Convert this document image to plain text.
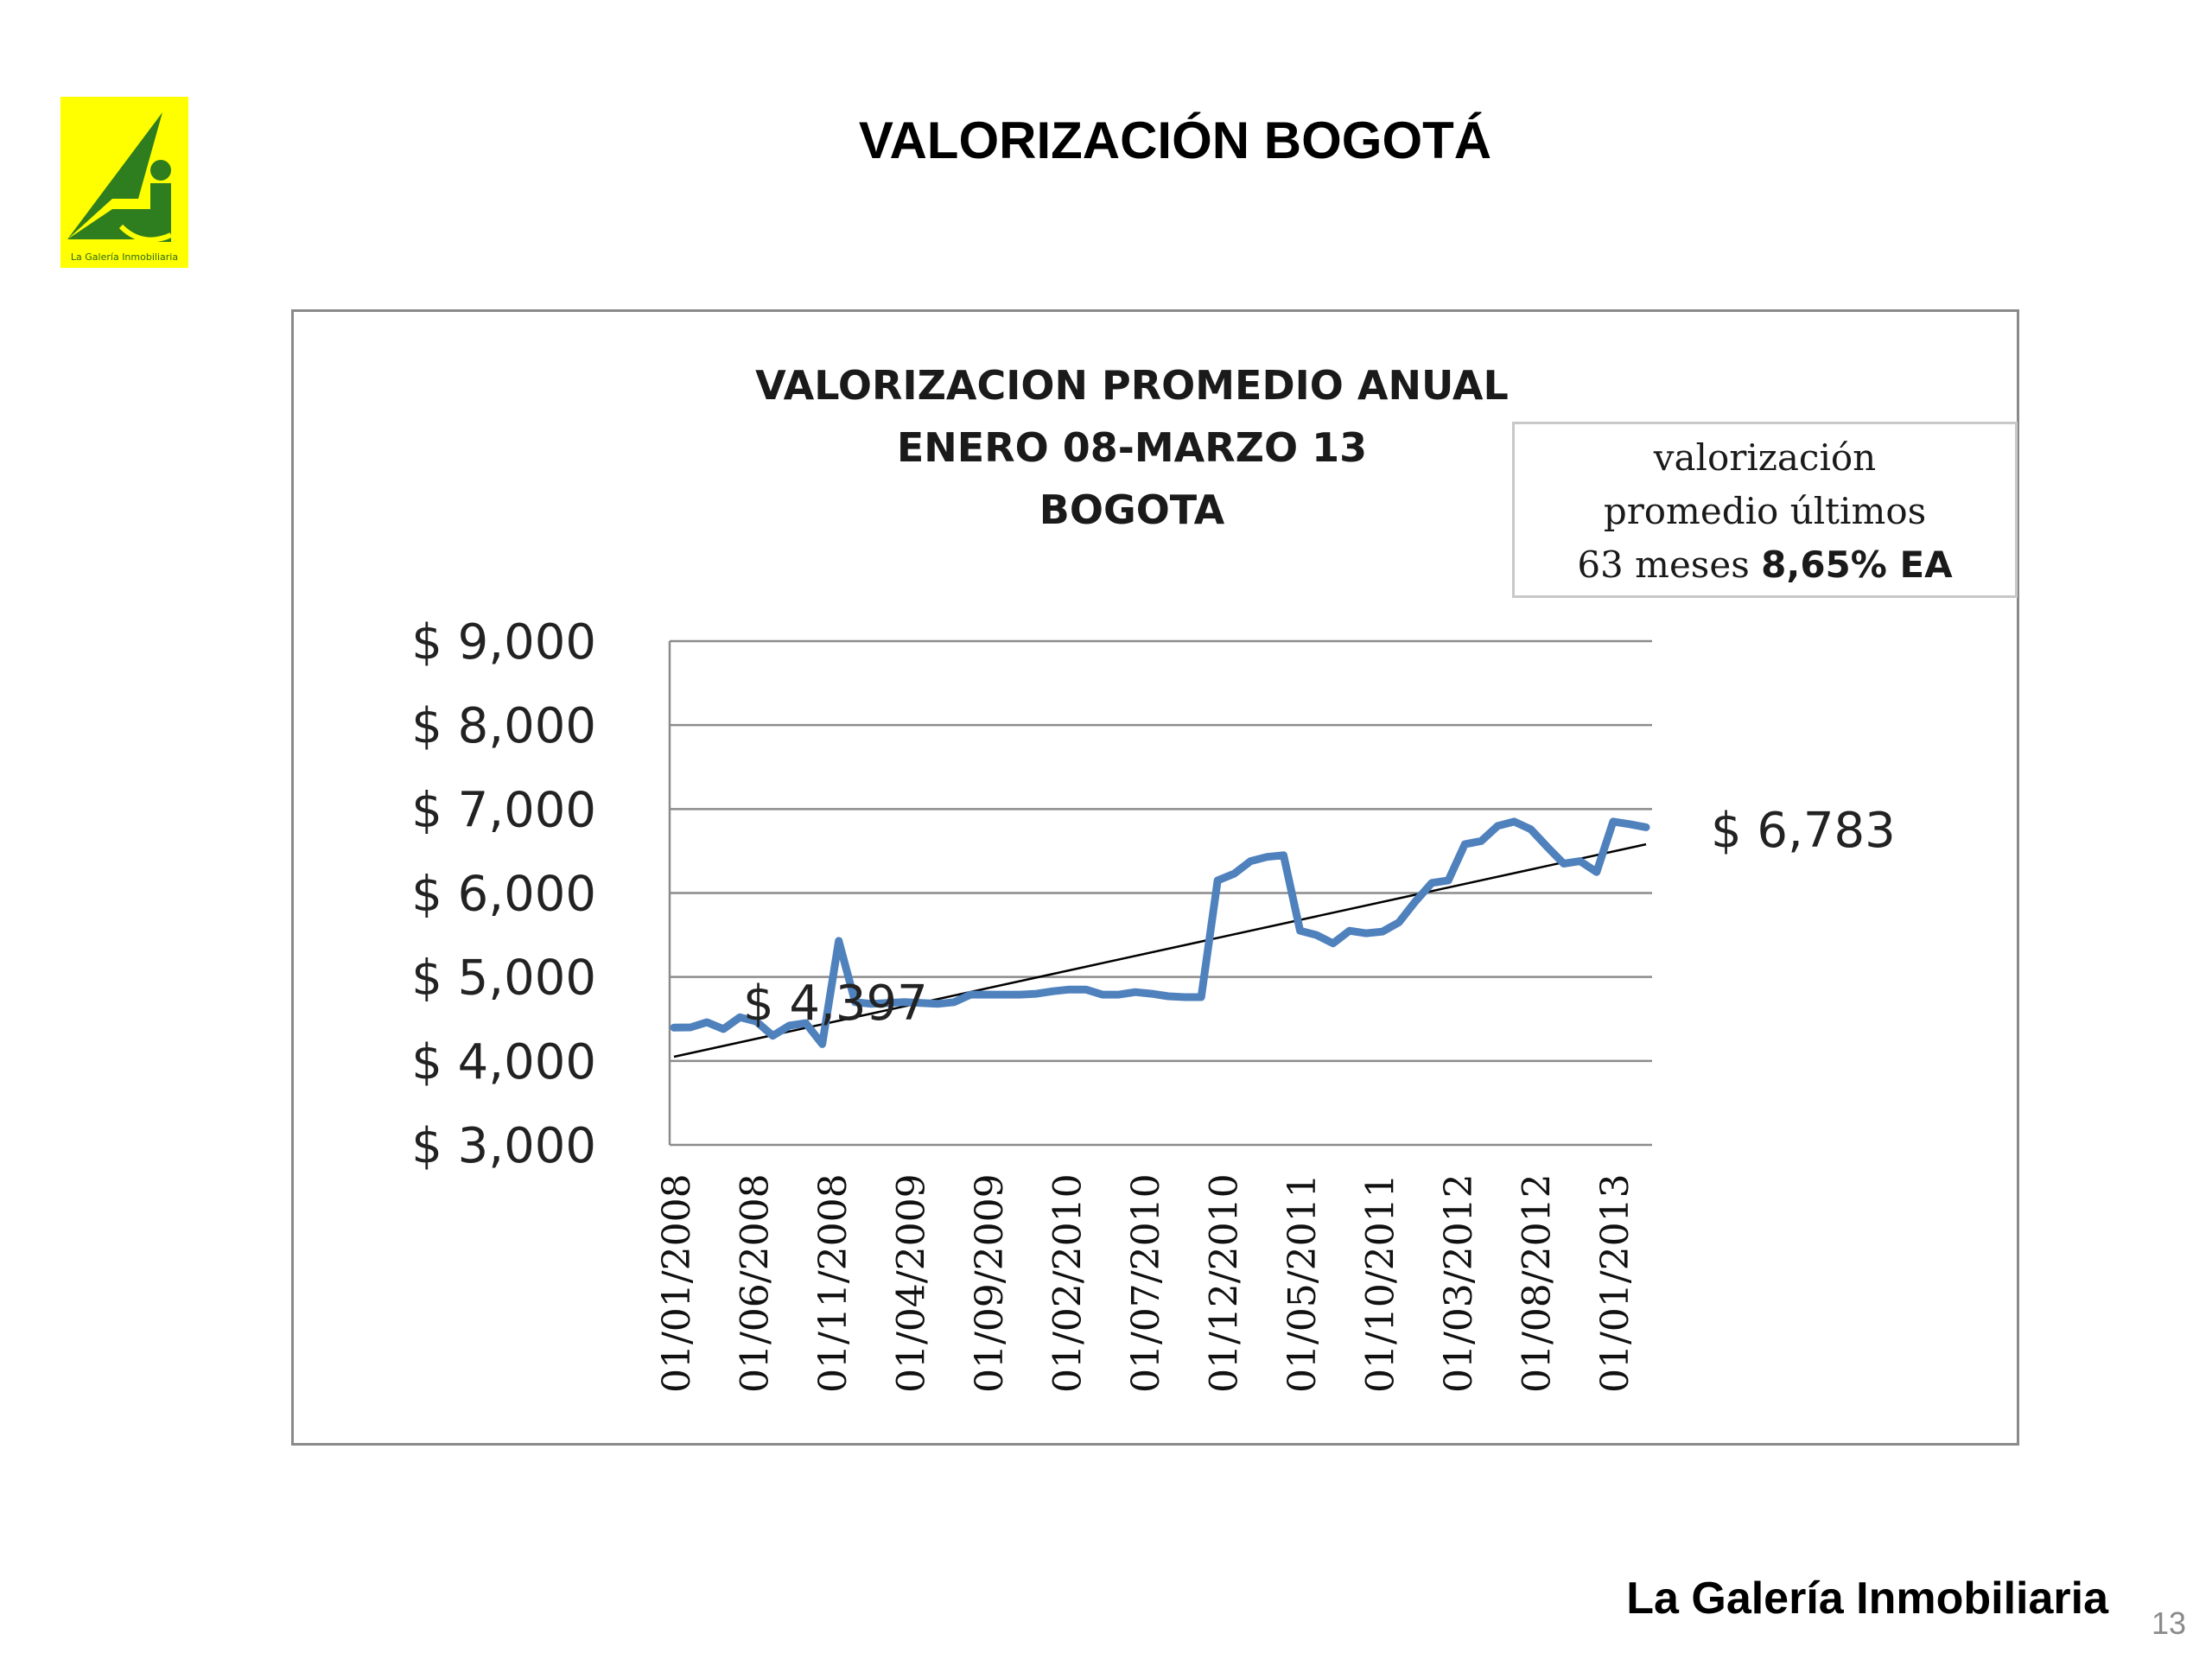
La Galería Inmobiliaria
VALORIZACIÓN BOGOTÁ
VALORIZACION PROMEDIO ANUAL
ENERO 08-MARZO 13
BOGOTA
valorización
promedio últimos
63 meses 8,65% EA
$ 9,000
$ 8,000
$ 7,000
$ 6,000
$ 5,000
$ 4,000
$ 3,000
01/01/2008 01/06/2008 01/11/2008 01/04/2009 01/09/2009 01/02/2010 01/07/2010 01/12/2010 01/05/2011 01/10/2011 01/03/2012 01/08/2012 01/01/2013
$ 4,397
$ 6,783
La Galería Inmobiliaria 13
